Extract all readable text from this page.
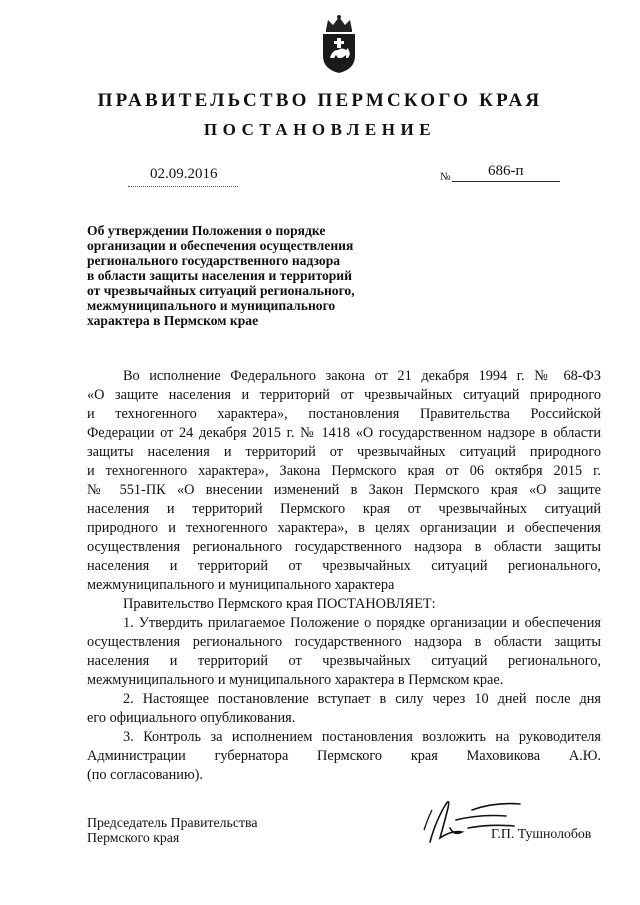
ПРАВИТЕЛЬСТВО ПЕРМСКОГО КРАЯ
ПОСТАНОВЛЕНИЕ
02.09.2016	№	686-п
Об утверждении Положения о порядке
организации и обеспечения осуществления
регионального государственного надзора
в области защиты населения и территорий
от чрезвычайных ситуаций регионального,
межмуниципального и муниципального
характера в Пермском крае
Во исполнение Федерального закона от 21 декабря 1994 г. № 68-ФЗ
«О защите населения и территорий от чрезвычайных ситуаций природного
и техногенного характера», постановления Правительства Российской
Федерации от 24 декабря 2015 г. № 1418 «О государственном надзоре в области
защиты населения и территорий от чрезвычайных ситуаций природного
и техногенного характера», Закона Пермского края от 06 октября 2015 г.
№ 551-ПК «О внесении изменений в Закон Пермского края «О защите
населения и территорий Пермского края от чрезвычайных ситуаций
природного и техногенного характера», в целях организации и обеспечения
осуществления регионального государственного надзора в области защиты
населения и территорий от чрезвычайных ситуаций регионального,
межмуниципального и муниципального характера
Правительство Пермского края ПОСТАНОВЛЯЕТ:
1. Утвердить прилагаемое Положение о порядке организации и обеспечения
осуществления регионального государственного надзора в области защиты
населения и территорий от чрезвычайных ситуаций регионального,
межмуниципального и муниципального характера в Пермском крае.
2. Настоящее постановление вступает в силу через 10 дней после дня
его официального опубликования.
3. Контроль за исполнением постановления возложить на руководителя
Администрации губернатора Пермского края Маховикова А.Ю.
(по согласованию).
Председатель Правительства
Пермского края	Г.П. Тушнолобов
